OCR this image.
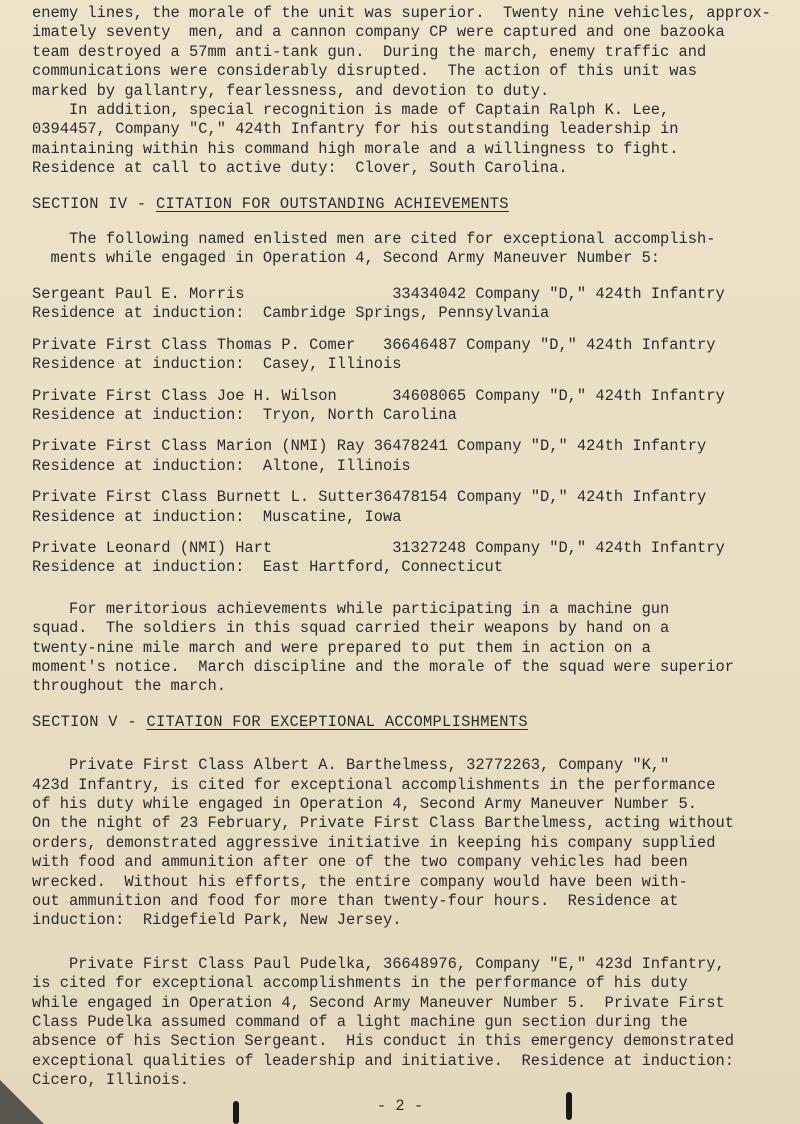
enemy lines, the morale of the unit was superior.  Twenty nine vehicles, approx-
imately seventy  men, and a cannon company CP were captured and one bazooka
team destroyed a 57mm anti-tank gun.  During the march, enemy traffic and
communications were considerably disrupted.  The action of this unit was
marked by gallantry, fearlessness, and devotion to duty.
In addition, special recognition is made of Captain Ralph K. Lee,
0394457, Company "C," 424th Infantry for his outstanding leadership in
maintaining within his command high morale and a willingness to fight.
Residence at call to active duty:  Clover, South Carolina.
SECTION IV - CITATION FOR OUTSTANDING ACHIEVEMENTS
The following named enlisted men are cited for exceptional accomplish-
ments while engaged in Operation 4, Second Army Maneuver Number 5:
Sergeant Paul E. Morris                33434042 Company "D," 424th Infantry
Residence at induction:  Cambridge Springs, Pennsylvania
Private First Class Thomas P. Comer   36646487 Company "D," 424th Infantry
Residence at induction:  Casey, Illinois
Private First Class Joe H. Wilson      34608065 Company "D," 424th Infantry
Residence at induction:  Tryon, North Carolina
Private First Class Marion (NMI) Ray 36478241 Company "D," 424th Infantry
Residence at induction:  Altone, Illinois
Private First Class Burnett L. Sutter36478154 Company "D," 424th Infantry
Residence at induction:  Muscatine, Iowa
Private Leonard (NMI) Hart             31327248 Company "D," 424th Infantry
Residence at induction:  East Hartford, Connecticut
For meritorious achievements while participating in a machine gun
squad.  The soldiers in this squad carried their weapons by hand on a
twenty-nine mile march and were prepared to put them in action on a
moment's notice.  March discipline and the morale of the squad were superior
throughout the march.
SECTION V - CITATION FOR EXCEPTIONAL ACCOMPLISHMENTS
Private First Class Albert A. Barthelmess, 32772263, Company "K,"
423d Infantry, is cited for exceptional accomplishments in the performance
of his duty while engaged in Operation 4, Second Army Maneuver Number 5.
On the night of 23 February, Private First Class Barthelmess, acting without
orders, demonstrated aggressive initiative in keeping his company supplied
with food and ammunition after one of the two company vehicles had been
wrecked.  Without his efforts, the entire company would have been with-
out ammunition and food for more than twenty-four hours.  Residence at
induction:  Ridgefield Park, New Jersey.
Private First Class Paul Pudelka, 36648976, Company "E," 423d Infantry,
is cited for exceptional accomplishments in the performance of his duty
while engaged in Operation 4, Second Army Maneuver Number 5.  Private First
Class Pudelka assumed command of a light machine gun section during the
absence of his Section Sergeant.  His conduct in this emergency demonstrated
exceptional qualities of leadership and initiative.  Residence at induction:
Cicero, Illinois.
- 2 -
